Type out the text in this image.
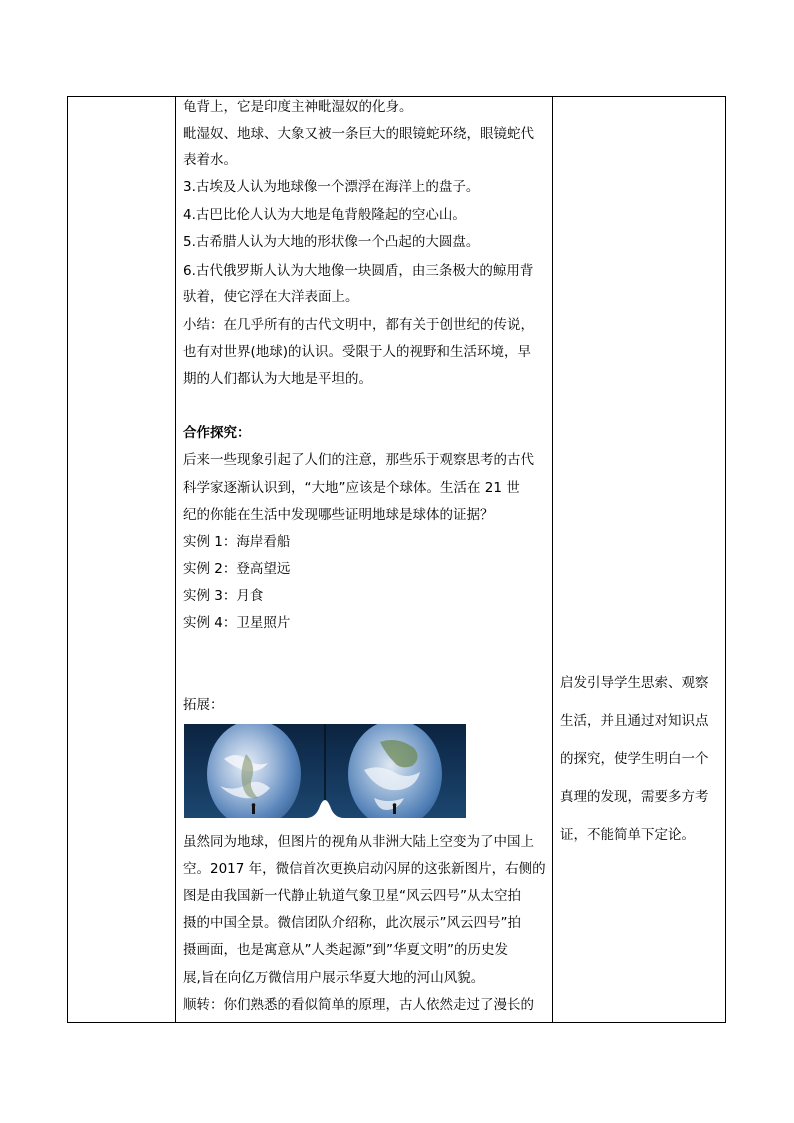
龟背上，它是印度主神毗湿奴的化身。
毗湿奴、地球、大象又被一条巨大的眼镜蛇环绕，眼镜蛇代
表着水。
3.古埃及人认为地球像一个漂浮在海洋上的盘子。
4.古巴比伦人认为大地是龟背般隆起的空心山。
5.古希腊人认为大地的形状像一个凸起的大圆盘。
6.古代俄罗斯人认为大地像一块圆盾，由三条极大的鲸用背
驮着，使它浮在大洋表面上。
小结：在几乎所有的古代文明中，都有关于创世纪的传说，
也有对世界(地球)的认识。受限于人的视野和生活环境，早
期的人们都认为大地是平坦的。
合作探究：
后来一些现象引起了人们的注意，那些乐于观察思考的古代
科学家逐渐认识到，“大地”应该是个球体。生活在 21 世
纪的你能在生活中发现哪些证明地球是球体的证据？
实例 1：海岸看船
实例 2：登高望远
实例 3：月食
实例 4：卫星照片
拓展：
虽然同为地球，但图片的视角从非洲大陆上空变为了中国上
空。2017 年，微信首次更换启动闪屏的这张新图片，右侧的
图是由我国新一代静止轨道气象卫星“风云四号”从太空拍
摄的中国全景。微信团队介绍称，此次展示”风云四号”拍
摄画面，也是寓意从”人类起源”到”华夏文明”的历史发
展,旨在向亿万微信用户展示华夏大地的河山风貌。
顺转：你们熟悉的看似简单的原理，古人依然走过了漫长的
启发引导学生思索、观察
生活，并且通过对知识点
的探究，使学生明白一个
真理的发现，需要多方考
证，不能简单下定论。
